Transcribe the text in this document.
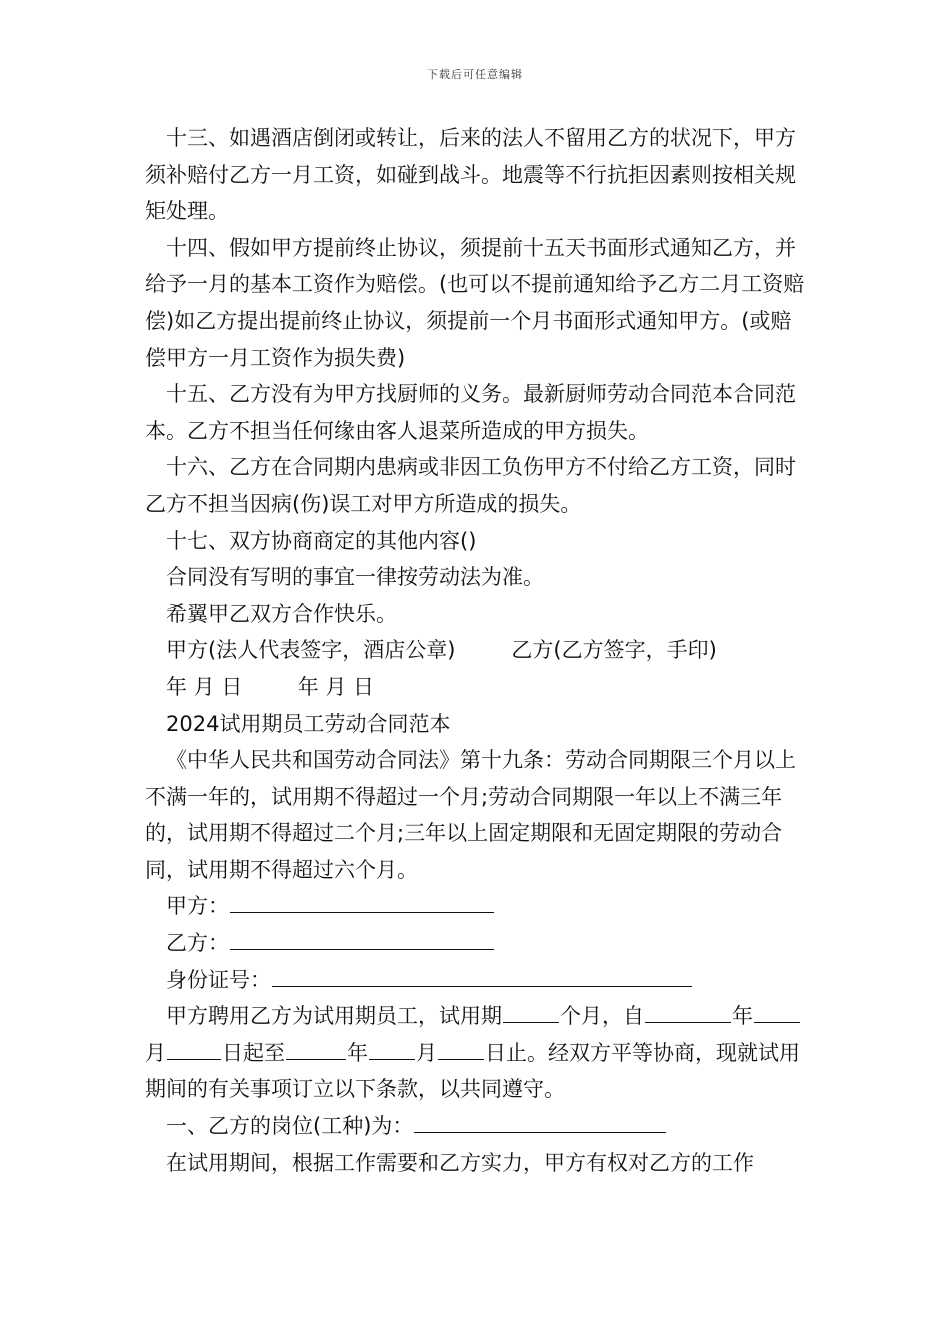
下载后可任意编辑

十三、如遇酒店倒闭或转让，后来的法人不留用乙方的状况下，甲方须补赔付乙方一月工资，如碰到战斗。地震等不行抗拒因素则按相关规矩处理。

十四、假如甲方提前终止协议，须提前十五天书面形式通知乙方，并给予一月的基本工资作为赔偿。(也可以不提前通知给予乙方二月工资赔偿)如乙方提出提前终止协议，须提前一个月书面形式通知甲方。(或赔偿甲方一月工资作为损失费)

十五、乙方没有为甲方找厨师的义务。最新厨师劳动合同范本合同范本。乙方不担当任何缘由客人退菜所造成的甲方损失。

十六、乙方在合同期内患病或非因工负伤甲方不付给乙方工资，同时乙方不担当因病(伤)误工对甲方所造成的损失。

十七、双方协商商定的其他内容()

合同没有写明的事宜一律按劳动法为准。

希翼甲乙双方合作快乐。

甲方(法人代表签字，酒店公章)	乙方(乙方签字，手印)

年 月 日 　　 年 月 日

2024试用期员工劳动合同范本

《中华人民共和国劳动合同法》第十九条：劳动合同期限三个月以上不满一年的，试用期不得超过一个月;劳动合同期限一年以上不满三年的，试用期不得超过二个月;三年以上固定期限和无固定期限的劳动合同，试用期不得超过六个月。

甲方：

乙方：

身份证号：

甲方聘用乙方为试用期员工，试用期	个月，自	年月	日起至	年 月 日止。经双方平等协商，现就试用期间的有关事项订立以下条款，以共同遵守。

一、乙方的岗位(工种)为：

在试用期间，根据工作需要和乙方实力，甲方有权对乙方的工作
